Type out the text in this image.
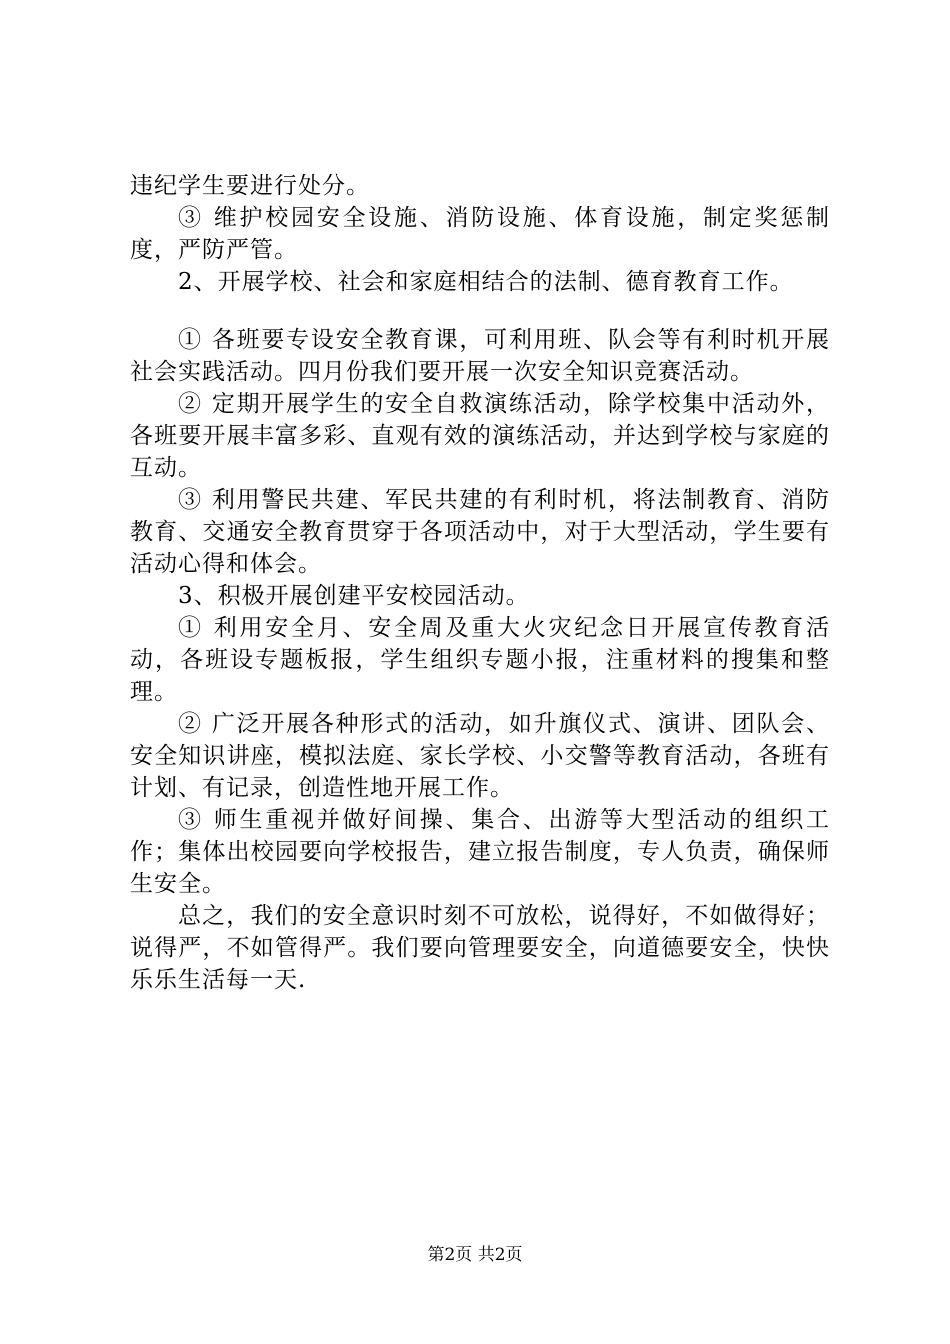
违纪学生要进行处分。

③ 维护校园安全设施、消防设施、体育设施，制定奖惩制度，严防严管。

2、开展学校、社会和家庭相结合的法制、德育教育工作。

① 各班要专设安全教育课，可利用班、队会等有利时机开展社会实践活动。四月份我们要开展一次安全知识竞赛活动。

② 定期开展学生的安全自救演练活动，除学校集中活动外，各班要开展丰富多彩、直观有效的演练活动，并达到学校与家庭的互动。

③ 利用警民共建、军民共建的有利时机，将法制教育、消防教育、交通安全教育贯穿于各项活动中，对于大型活动，学生要有活动心得和体会。

3、积极开展创建平安校园活动。

① 利用安全月、安全周及重大火灾纪念日开展宣传教育活动，各班设专题板报，学生组织专题小报，注重材料的搜集和整理。

② 广泛开展各种形式的活动，如升旗仪式、演讲、团队会、安全知识讲座，模拟法庭、家长学校、小交警等教育活动，各班有计划、有记录，创造性地开展工作。

③ 师生重视并做好间操、集合、出游等大型活动的组织工作；集体出校园要向学校报告，建立报告制度，专人负责，确保师生安全。

总之，我们的安全意识时刻不可放松，说得好，不如做得好；说得严，不如管得严。我们要向管理要安全，向道德要安全，快快乐乐生活每一天.

第2页 共2页
